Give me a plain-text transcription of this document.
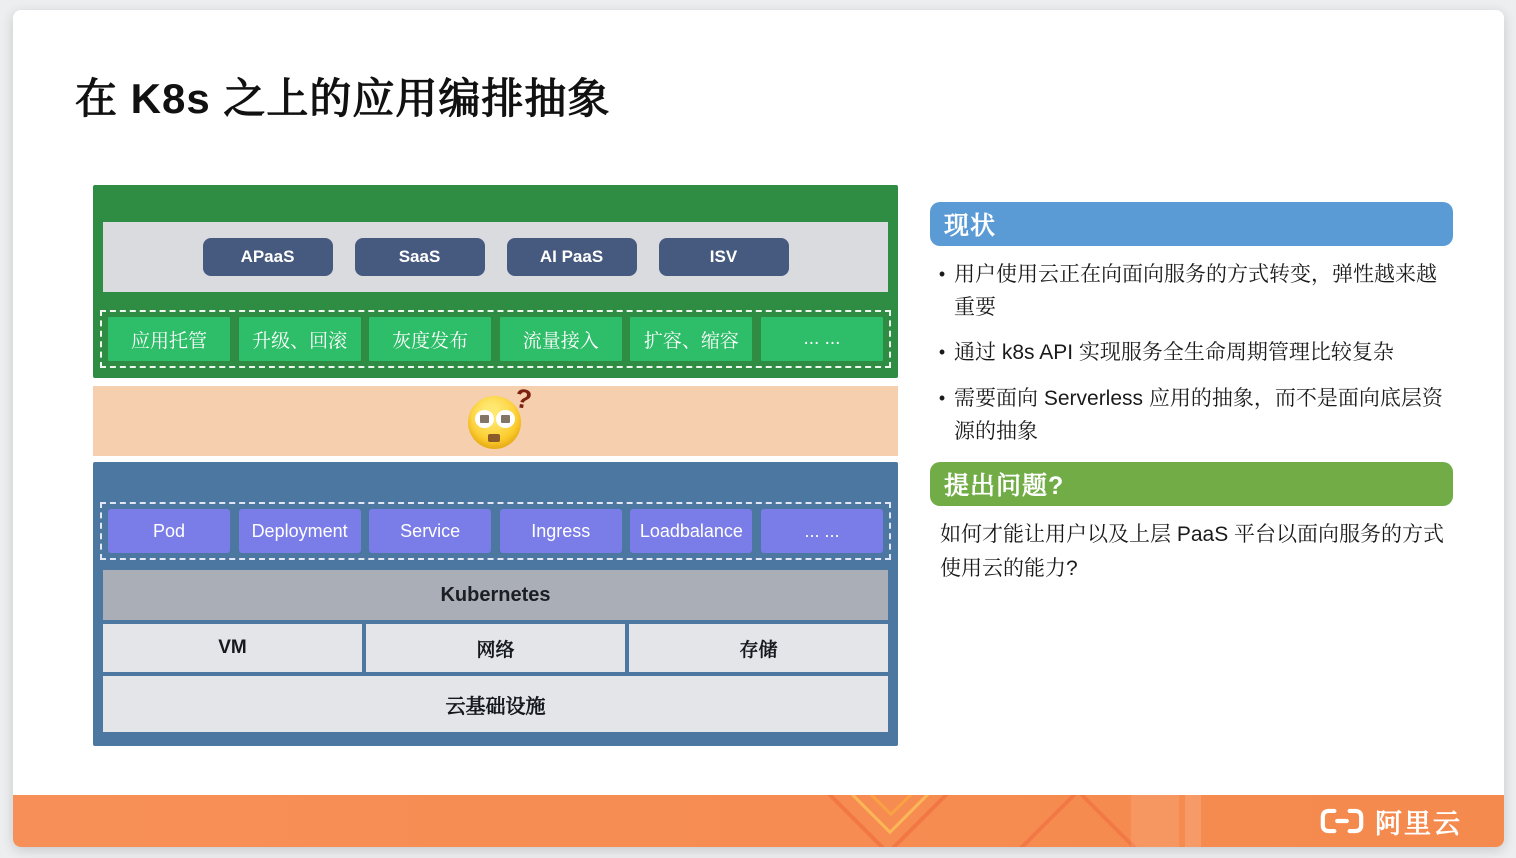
在 K8s 之上的应用编排抽象
APaaS	SaaS	AI PaaS	ISV
应用托管	升级、回滚	灰度发布	流量接入	扩容、缩容	... ...
?
Pod	Deployment	Service	Ingress	Loadbalance	... ...
Kubernetes
VM	网络	存储
云基础设施
现状
• 用户使用云正在向面向服务的方式转变，弹性越来越重要
• 通过 k8s API 实现服务全生命周期管理比较复杂
• 需要面向 Serverless 应用的抽象，而不是面向底层资源的抽象
提出问题?
如何才能让用户以及上层 PaaS 平台以面向服务的方式使用云的能力?
阿里云
